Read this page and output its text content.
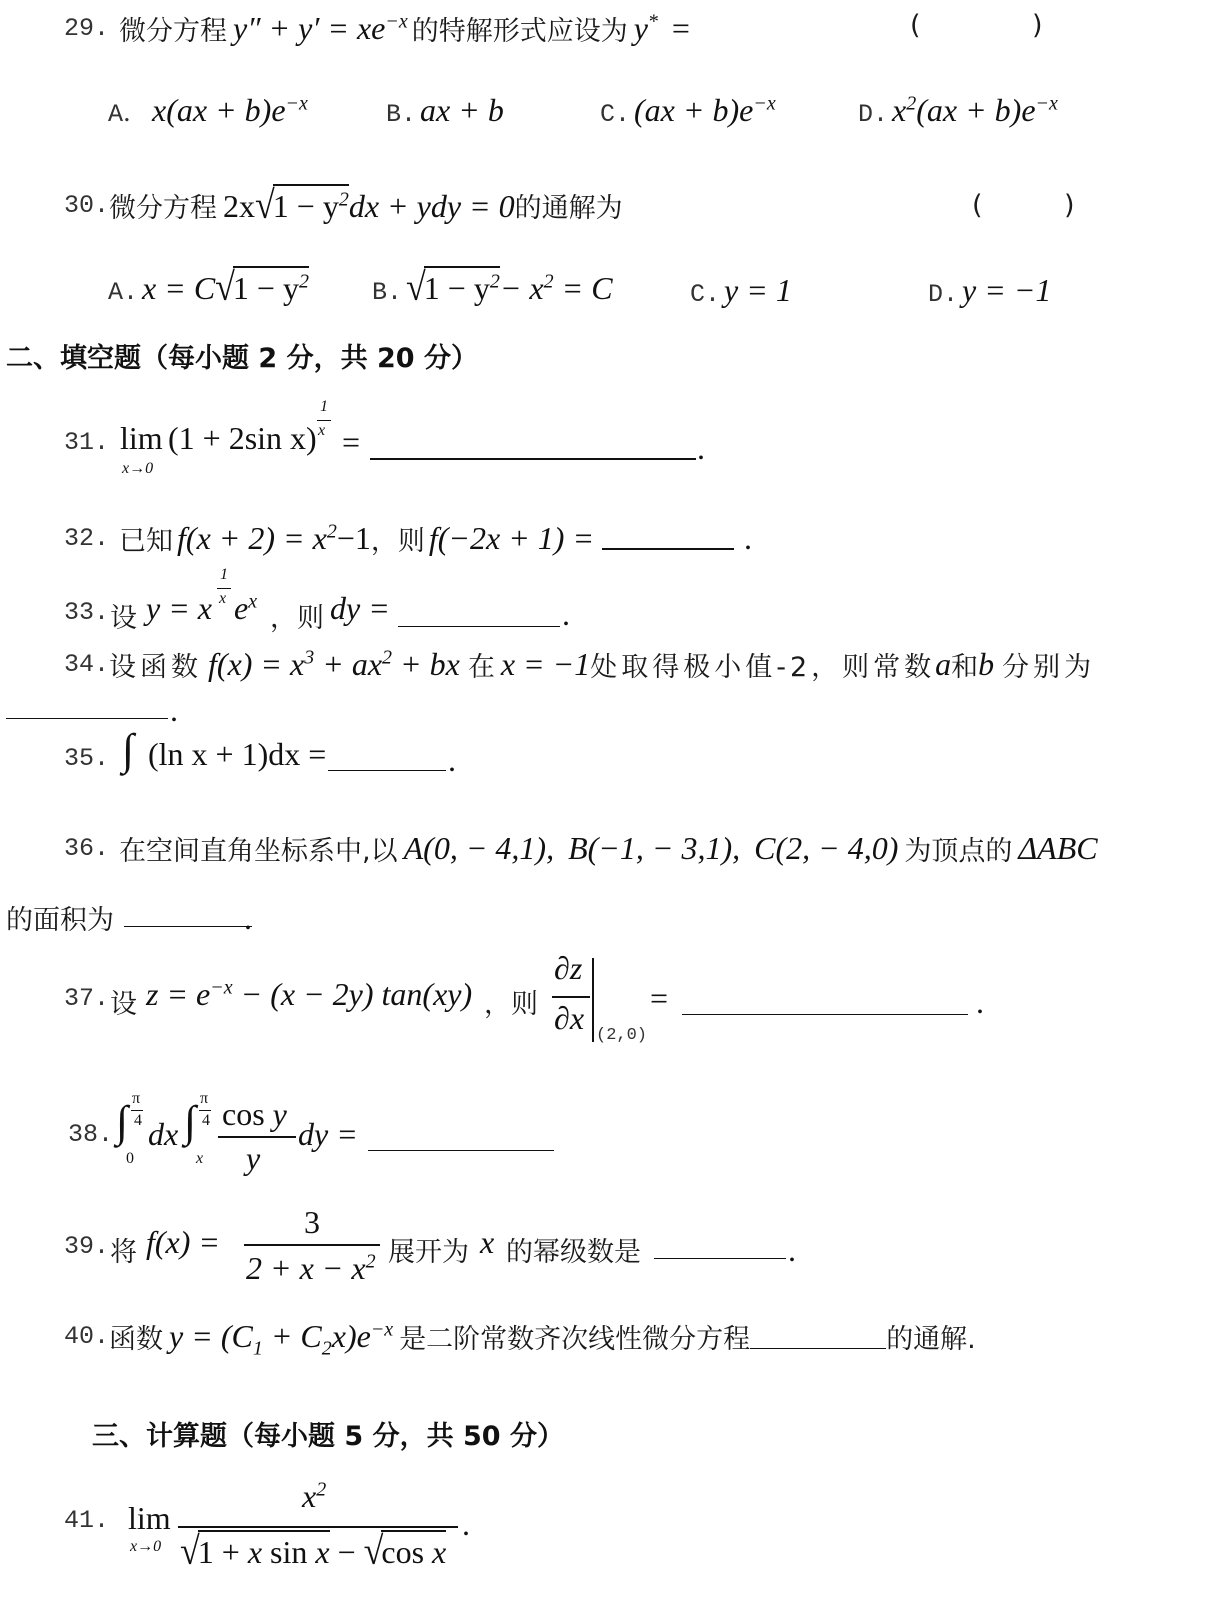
29. 微分方程 $y'' + y' = xe^{-x}$ 的特解形式应设为 y* =	(	)
A． $x(ax + b)e^{-x}$	B. ax + b	C. $(ax + b)e^{-x}$	D. $x^2(ax + b)e^{-x}$
30. 微分方程 2x √
$1 - y^2$ dx + ydy = 0 的通解为	(	)
A. x = C √
$1 - y^2$	B. √
$1 - y^2 - x^2 = C$	C. y = 1	D. y = −1
二、填空题（每小题 2 分，共 20 分）
31. lim
x→0
(1 + 2sin x)
1
x =	.
32. 已知 $f(x + 2) = x^2-1$ ，则 f(−2x + 1) =	.
33. 设 y = x
1
x $e^x$
，则 dy =	.
34. 设函数 $f(x) = x^3 + ax^2$ + bx 在 x = −1 处取得极小值-2，则常数 a 和 b 分别为
.
35. ∫ (ln x + 1)dx =	.
36. 在空间直角坐标系中,以 A(0, − 4,1), B(−1, − 3,1), C(2, − 4,0) 为顶点的 ΔABC
的面积为	.
37. 设 $z = e^{-x} - (x - 2y)$ tan(xy) ，则
∂z
∂x (2,0)
=	.
38. ∫ π
4
0
dx ∫ π
4
x
cos y
y
dy =
39. 将 f(x) =
3
$2 + x - x^2$ 展开为 x 的幂级数是	.
40. 函数 $y = (C_1 + C_2x)e^{-x}$ 是二阶常数齐次线性微分方程	的通解.
三、计算题（每小题 5 分，共 50 分）
41. lim
x→0
$x^2$
√
1 + x sin x − √
cos x
.
